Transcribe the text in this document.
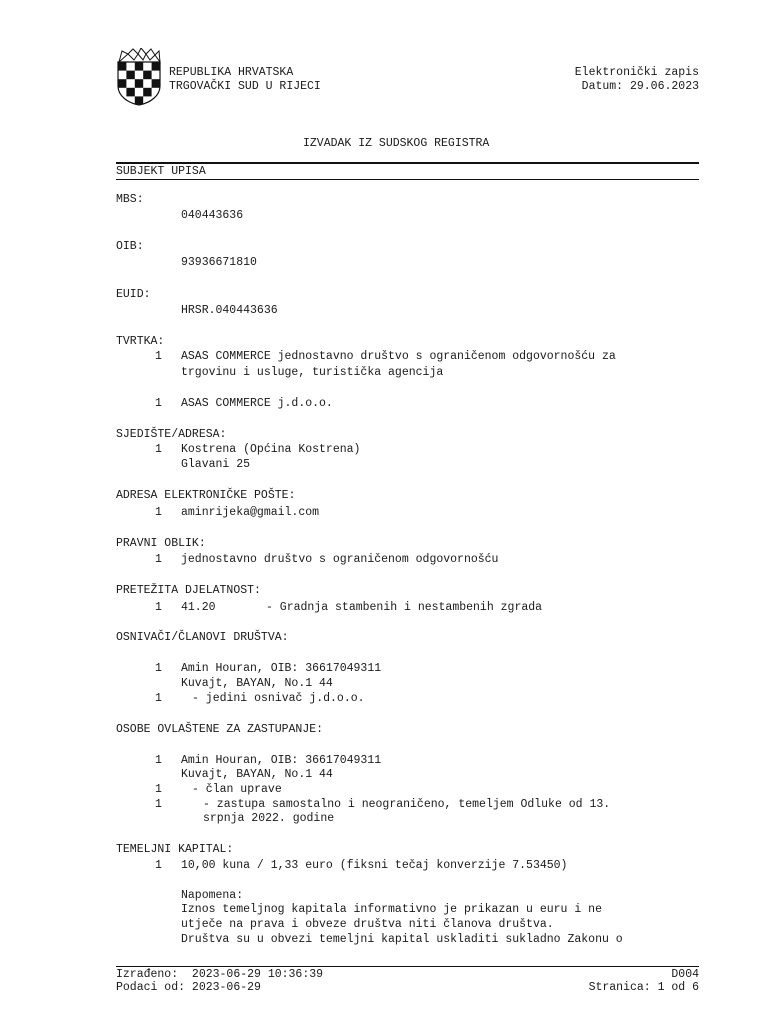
REPUBLIKA HRVATSKA
TRGOVAČKI SUD U RIJECI
Elektronički zapis
Datum: 29.06.2023
IZVADAK IZ SUDSKOG REGISTRA
SUBJEKT UPISA
MBS:
040443636
OIB:
93936671810
EUID:
HRSR.040443636
TVRTKA:
1 ASAS COMMERCE jednostavno društvo s ograničenom odgovornošću za
trgovinu i usluge, turistička agencija
1 ASAS COMMERCE j.d.o.o.
SJEDIŠTE/ADRESA:
1 Kostrena (Općina Kostrena)
Glavani 25
ADRESA ELEKTRONIČKE POŠTE:
1 aminrijeka@gmail.com
PRAVNI OBLIK:
1 jednostavno društvo s ograničenom odgovornošću
PRETEŽITA DJELATNOST:
1 41.20	- Gradnja stambenih i nestambenih zgrada
OSNIVAČI/ČLANOVI DRUŠTVA:
1 Amin Houran, OIB: 36617049311
Kuvajt, BAYAN, No.1 44
1	- jedini osnivač j.d.o.o.
OSOBE OVLAŠTENE ZA ZASTUPANJE:
1 Amin Houran, OIB: 36617049311
Kuvajt, BAYAN, No.1 44
1	- član uprave
1	- zastupa samostalno i neograničeno, temeljem Odluke od 13.
srpnja 2022. godine
TEMELJNI KAPITAL:
1 10,00 kuna / 1,33 euro (fiksni tečaj konverzije 7.53450)
Napomena:
Iznos temeljnog kapitala informativno je prikazan u euru i ne
utječe na prava i obveze društva niti članova društva.
Društva su u obvezi temeljni kapital uskladiti sukladno Zakonu o
Izrađeno:  2023-06-29 10:36:39
Podaci od: 2023-06-29
D004
Stranica: 1 od 6
